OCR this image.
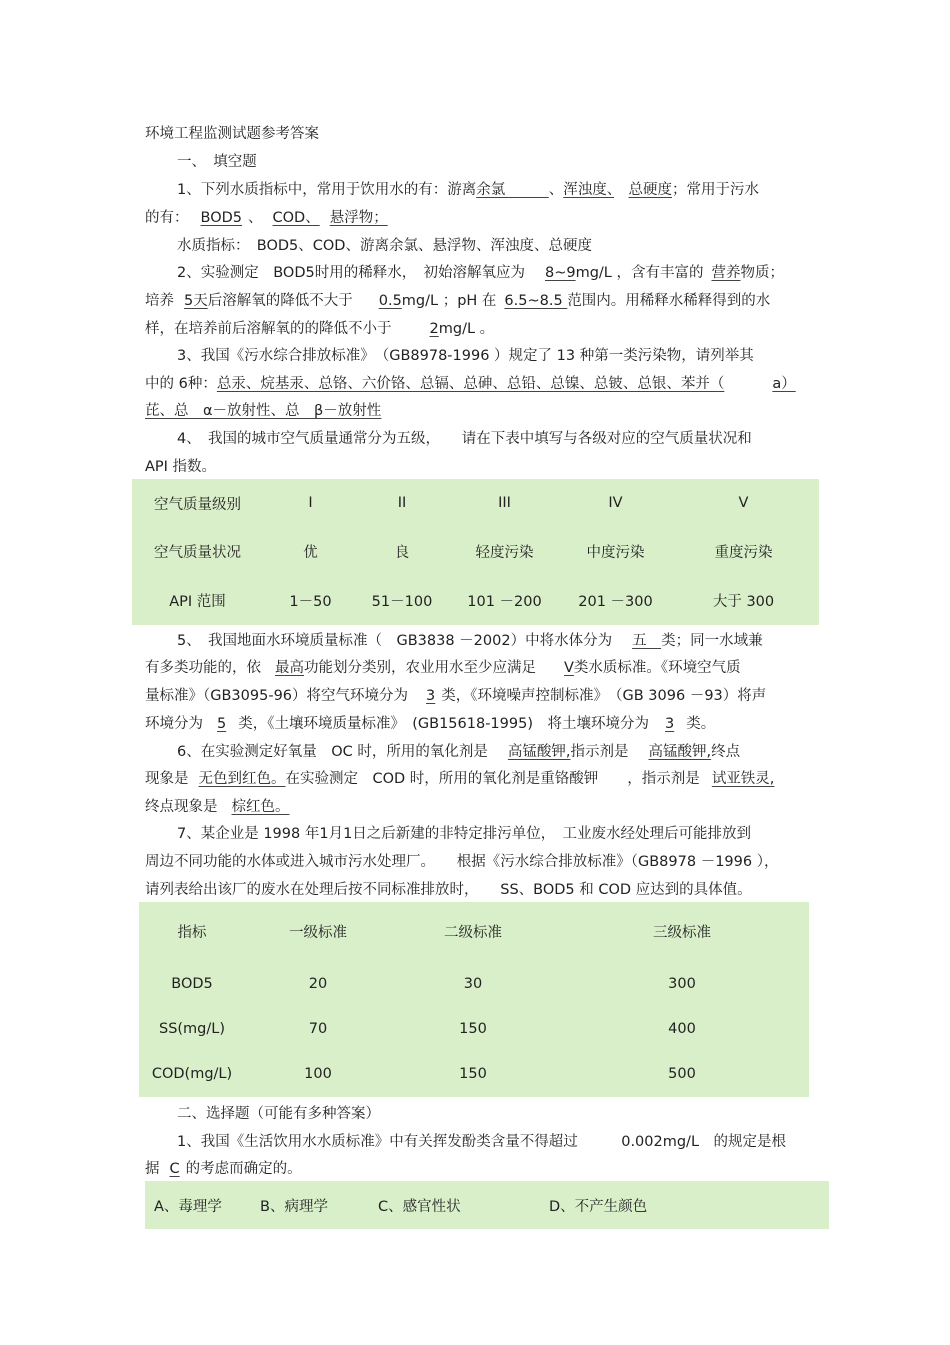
环境工程监测试题参考答案
一、　填空题
1、下列水质指标中，常用于饮用水的有：游离余氯　　　、浑浊度、　 总硬度；常用于污水
的有： BOD5 、 COD、 悬浮物；
水质指标：　BOD5、COD、游离余氯、悬浮物、浑浊度、总硬度
2、实验测定　BOD5时用的稀释水，　初始溶解氧应为 8~9mg/L ，含有丰富的 营养物质；
培养 5天后溶解氧的降低不大于 0.5mg/L ；pH 在 6.5~8.5 范围内。用稀释水稀释得到的水
样，在培养前后溶解氧的的降低不小于	2mg/L 。
3、我国《污水综合排放标准》　（GB8978-1996 ）规定了 13 种第一类污染物，请列举其
中的 6种：总汞、烷基汞、总铬、六价铬、总镉、总砷、总铅、总镍、总铍、总银、苯并（	a）
芘、总　α－放射性、总　β－放射性
4、　我国的城市空气质量通常分为五级，　　请在下表中填写与各级对应的空气质量状况和
API 指数。
空气质量级别	I	II	III	IV	V
空气质量状况	优	良	轻度污染	中度污染	重度污染
API 范围	1－50	51－100	101 －200	201 －300	大于 300
5、　我国地面水环境质量标准（　GB3838 －2002）中将水体分为 五　类；同一水域兼
有多类功能的，依 最高功能划分类别，农业用水至少应满足 V类水质标准。《环境空气质
量标准》（GB3095-96）将空气环境分为 3 类，《环境噪声控制标准》　（GB 3096 －93）将声
环境分为 5 类，《土壤环境质量标准》　(GB15618-1995)　将土壤环境分为 3 类。
6、在实验测定好氧量　OC 时，所用的氧化剂是 高锰酸钾,指示剂是 高锰酸钾,终点
现象是 无色到红色。在实验测定　COD 时，所用的氧化剂是重铬酸钾　　，指示剂是 试亚铁灵,
终点现象是 棕红色。
7、某企业是 1998 年1月1日之后新建的非特定排污单位，　工业废水经处理后可能排放到
周边不同功能的水体或进入城市污水处理厂。　　根据《污水综合排放标准》（GB8978 －1996 ），
请列表给出该厂的废水在处理后按不同标准排放时，　　SS、BOD5 和 COD 应达到的具体值。
指标	一级标准	二级标准	三级标准
BOD5	20	30	300
SS(mg/L)	70	150	400
COD(mg/L)	100	150	500
二、选择题（可能有多种答案）
1、我国《生活饮用水水质标准》中有关挥发酚类含量不得超过　　　0.002mg/L　的规定是根
据 C 的考虑而确定的。
A、毒理学	B、病理学	C、感官性状	D、不产生颜色
